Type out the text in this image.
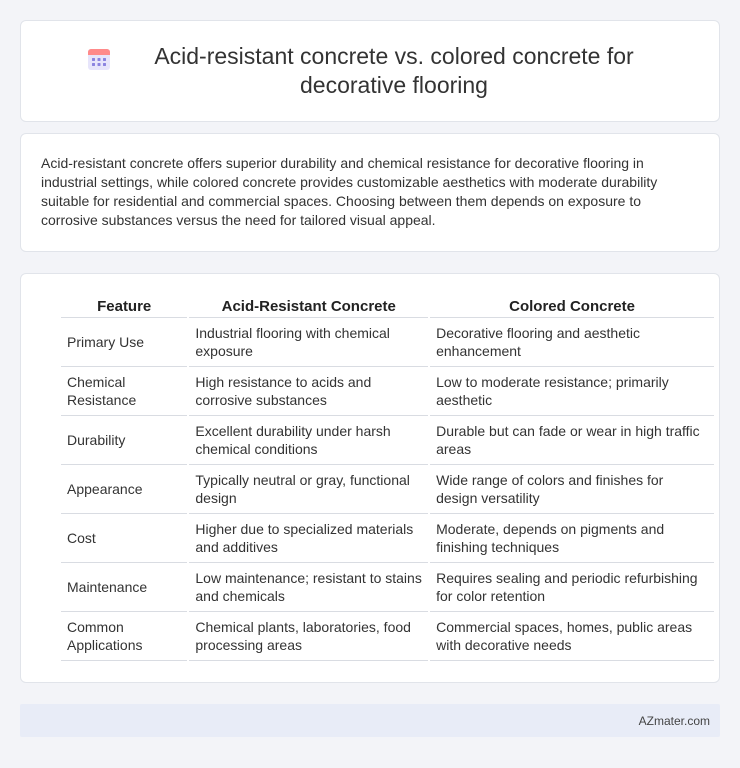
Acid-resistant concrete vs. colored concrete for decorative flooring

Acid-resistant concrete offers superior durability and chemical resistance for decorative flooring in industrial settings, while colored concrete provides customizable aesthetics with moderate durability suitable for residential and commercial spaces. Choosing between them depends on exposure to corrosive substances versus the need for tailored visual appeal.

Feature	Acid-Resistant Concrete	Colored Concrete
Primary Use	Industrial flooring with chemical exposure	Decorative flooring and aesthetic enhancement
Chemical Resistance	High resistance to acids and corrosive substances	Low to moderate resistance; primarily aesthetic
Durability	Excellent durability under harsh chemical conditions	Durable but can fade or wear in high traffic areas
Appearance	Typically neutral or gray, functional design	Wide range of colors and finishes for design versatility
Cost	Higher due to specialized materials and additives	Moderate, depends on pigments and finishing techniques
Maintenance	Low maintenance; resistant to stains and chemicals	Requires sealing and periodic refurbishing for color retention
Common Applications	Chemical plants, laboratories, food processing areas	Commercial spaces, homes, public areas with decorative needs
AZmater.com
